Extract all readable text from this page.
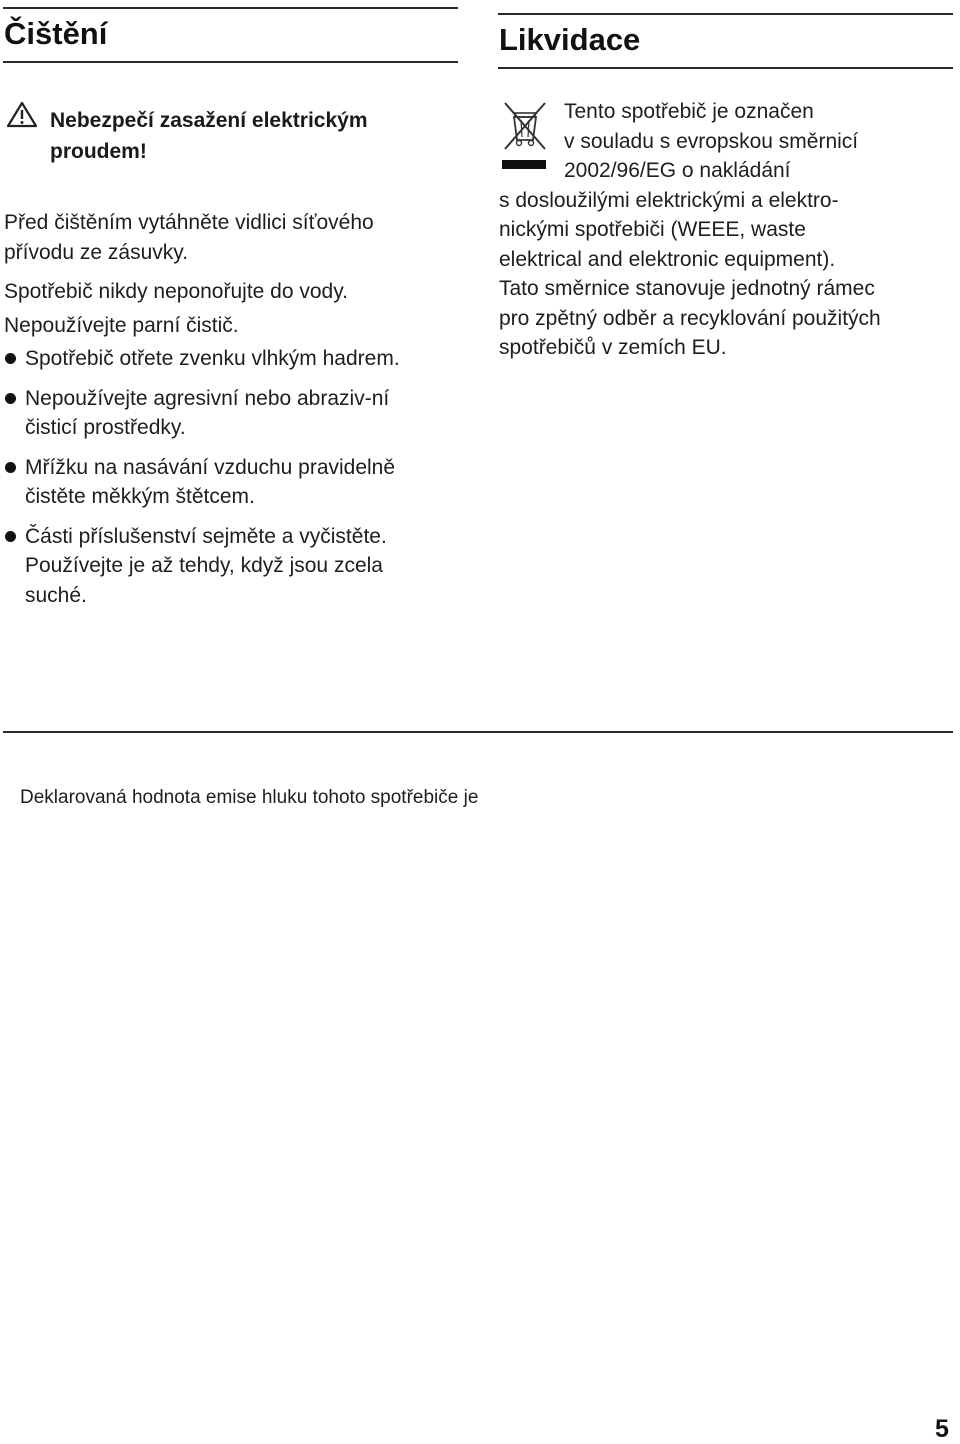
Čištění
Nebezpečí zasažení elektrickým
proudem!

Před čištěním vytáhněte vidlici síťového

přívodu ze zásuvky.

Spotřebič nikdy neponořujte do vody.

Nepoužívejte parní čistič.

Spotřebič otřete zvenku vlhkým hadrem.
Nepoužívejte agresivní nebo abraziv-ní
čisticí prostředky.
Mřížku na nasávání vzduchu pravidelně
čistěte měkkým štětcem.
Části příslušenství sejměte a vyčistěte.
Používejte je až tehdy, když jsou zcela
suché.
Likvidace
Tento spotřebič je označen
v souladu s evropskou směrnicí
2002/96/EG o nakládání
s dosloužilými elektrickými a elektro-
nickými spotřebiči (WEEE, waste
elektrical and elektronic equipment).
Tato směrnice stanovuje jednotný rámec
pro zpětný odběr a recyklování použitých
spotřebičů v zemích EU.
Deklarovaná hodnota emise hluku tohoto spotřebiče je
5
